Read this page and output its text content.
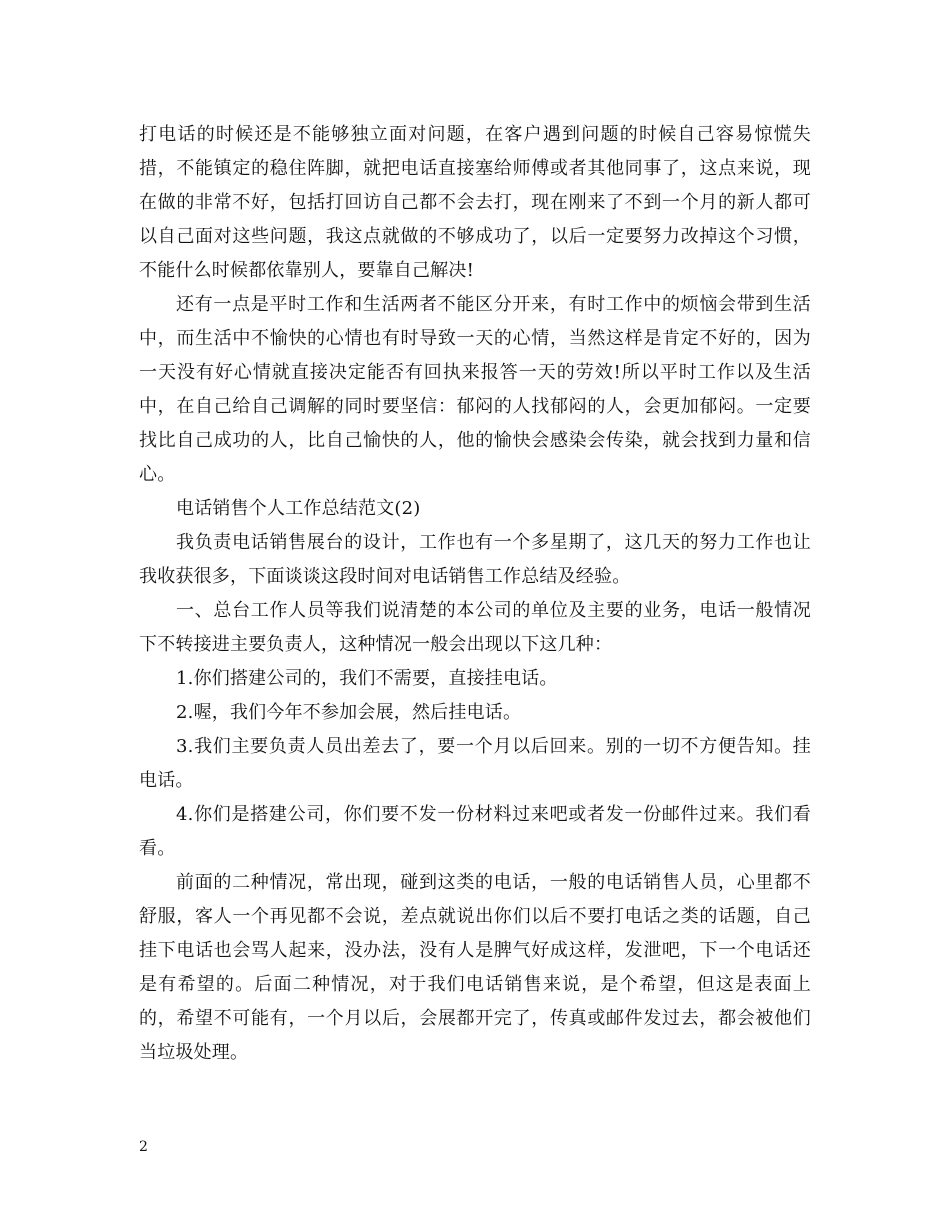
打电话的时候还是不能够独立面对问题，在客户遇到问题的时候自己容易惊慌失措，不能镇定的稳住阵脚，就把电话直接塞给师傅或者其他同事了，这点来说，现在做的非常不好，包括打回访自己都不会去打，现在刚来了不到一个月的新人都可以自己面对这些问题，我这点就做的不够成功了，以后一定要努力改掉这个习惯，不能什么时候都依靠别人，要靠自己解决!

还有一点是平时工作和生活两者不能区分开来，有时工作中的烦恼会带到生活中，而生活中不愉快的心情也有时导致一天的心情，当然这样是肯定不好的，因为一天没有好心情就直接决定能否有回执来报答一天的劳效!所以平时工作以及生活中，在自己给自己调解的同时要坚信：郁闷的人找郁闷的人，会更加郁闷。一定要找比自己成功的人，比自己愉快的人，他的愉快会感染会传染，就会找到力量和信心。

电话销售个人工作总结范文(2)

我负责电话销售展台的设计，工作也有一个多星期了，这几天的努力工作也让我收获很多，下面谈谈这段时间对电话销售工作总结及经验。

一、总台工作人员等我们说清楚的本公司的单位及主要的业务，电话一般情况下不转接进主要负责人，这种情况一般会出现以下这几种：

1.你们搭建公司的，我们不需要，直接挂电话。

2.喔，我们今年不参加会展，然后挂电话。

3.我们主要负责人员出差去了，要一个月以后回来。别的一切不方便告知。挂电话。

4.你们是搭建公司，你们要不发一份材料过来吧或者发一份邮件过来。我们看看。

前面的二种情况，常出现，碰到这类的电话，一般的电话销售人员，心里都不舒服，客人一个再见都不会说，差点就说出你们以后不要打电话之类的话题，自己挂下电话也会骂人起来，没办法，没有人是脾气好成这样，发泄吧，下一个电话还是有希望的。后面二种情况，对于我们电话销售来说，是个希望，但这是表面上的，希望不可能有，一个月以后，会展都开完了，传真或邮件发过去，都会被他们当垃圾处理。

2
